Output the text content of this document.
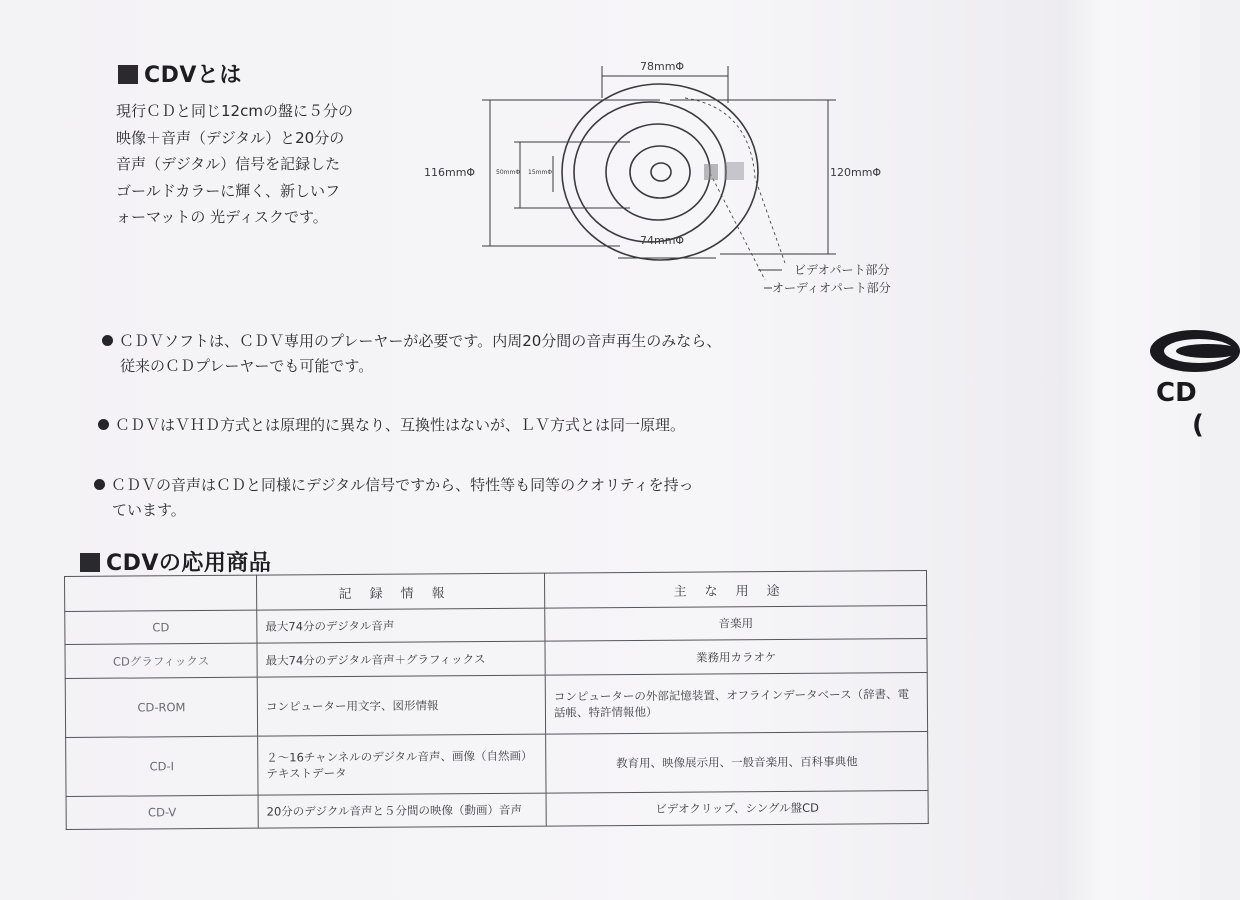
CDVとは
現行ＣＤと同じ12cmの盤に５分の
映像＋音声（デジタル）と20分の
音声（デジタル）信号を記録した
ゴールドカラーに輝く、新しいフ
ォーマットの 光ディスクです。
78mmΦ
74mmΦ
116mmΦ	120mmΦ
50mmΦ 15mmΦ
ビデオパート部分
オーディオパート部分
ＣＤＶソフトは、ＣＤＶ専用のプレーヤーが必要です。内周20分間の音声再生のみなら、
従来のＣＤプレーヤーでも可能です。
ＣＤＶはＶＨＤ方式とは原理的に異なり、互換性はないが、ＬＶ方式とは同一原理。
ＣＤＶの音声はＣＤと同様にデジタル信号ですから、特性等も同等のクオリティを持っ
ています。
CDVの応用商品
	記録情報	主な用途
CD	最大74分のデジタル音声	音楽用
CDグラフィックス	最大74分のデジタル音声＋グラフィックス	業務用カラオケ
CD-ROM	コンピューター用文字、図形情報	コンピューターの外部記憶装置、オフラインデータベース（辞書、電話帳、特許情報他）
CD-I	２～16チャンネルのデジタル音声、画像（自然画）テキストデータ	教育用、映像展示用、一般音楽用、百科事典他
CD-V	20分のデジクル音声と５分間の映像（動画）音声	ビデオクリップ、シングル盤CD
CD
(
